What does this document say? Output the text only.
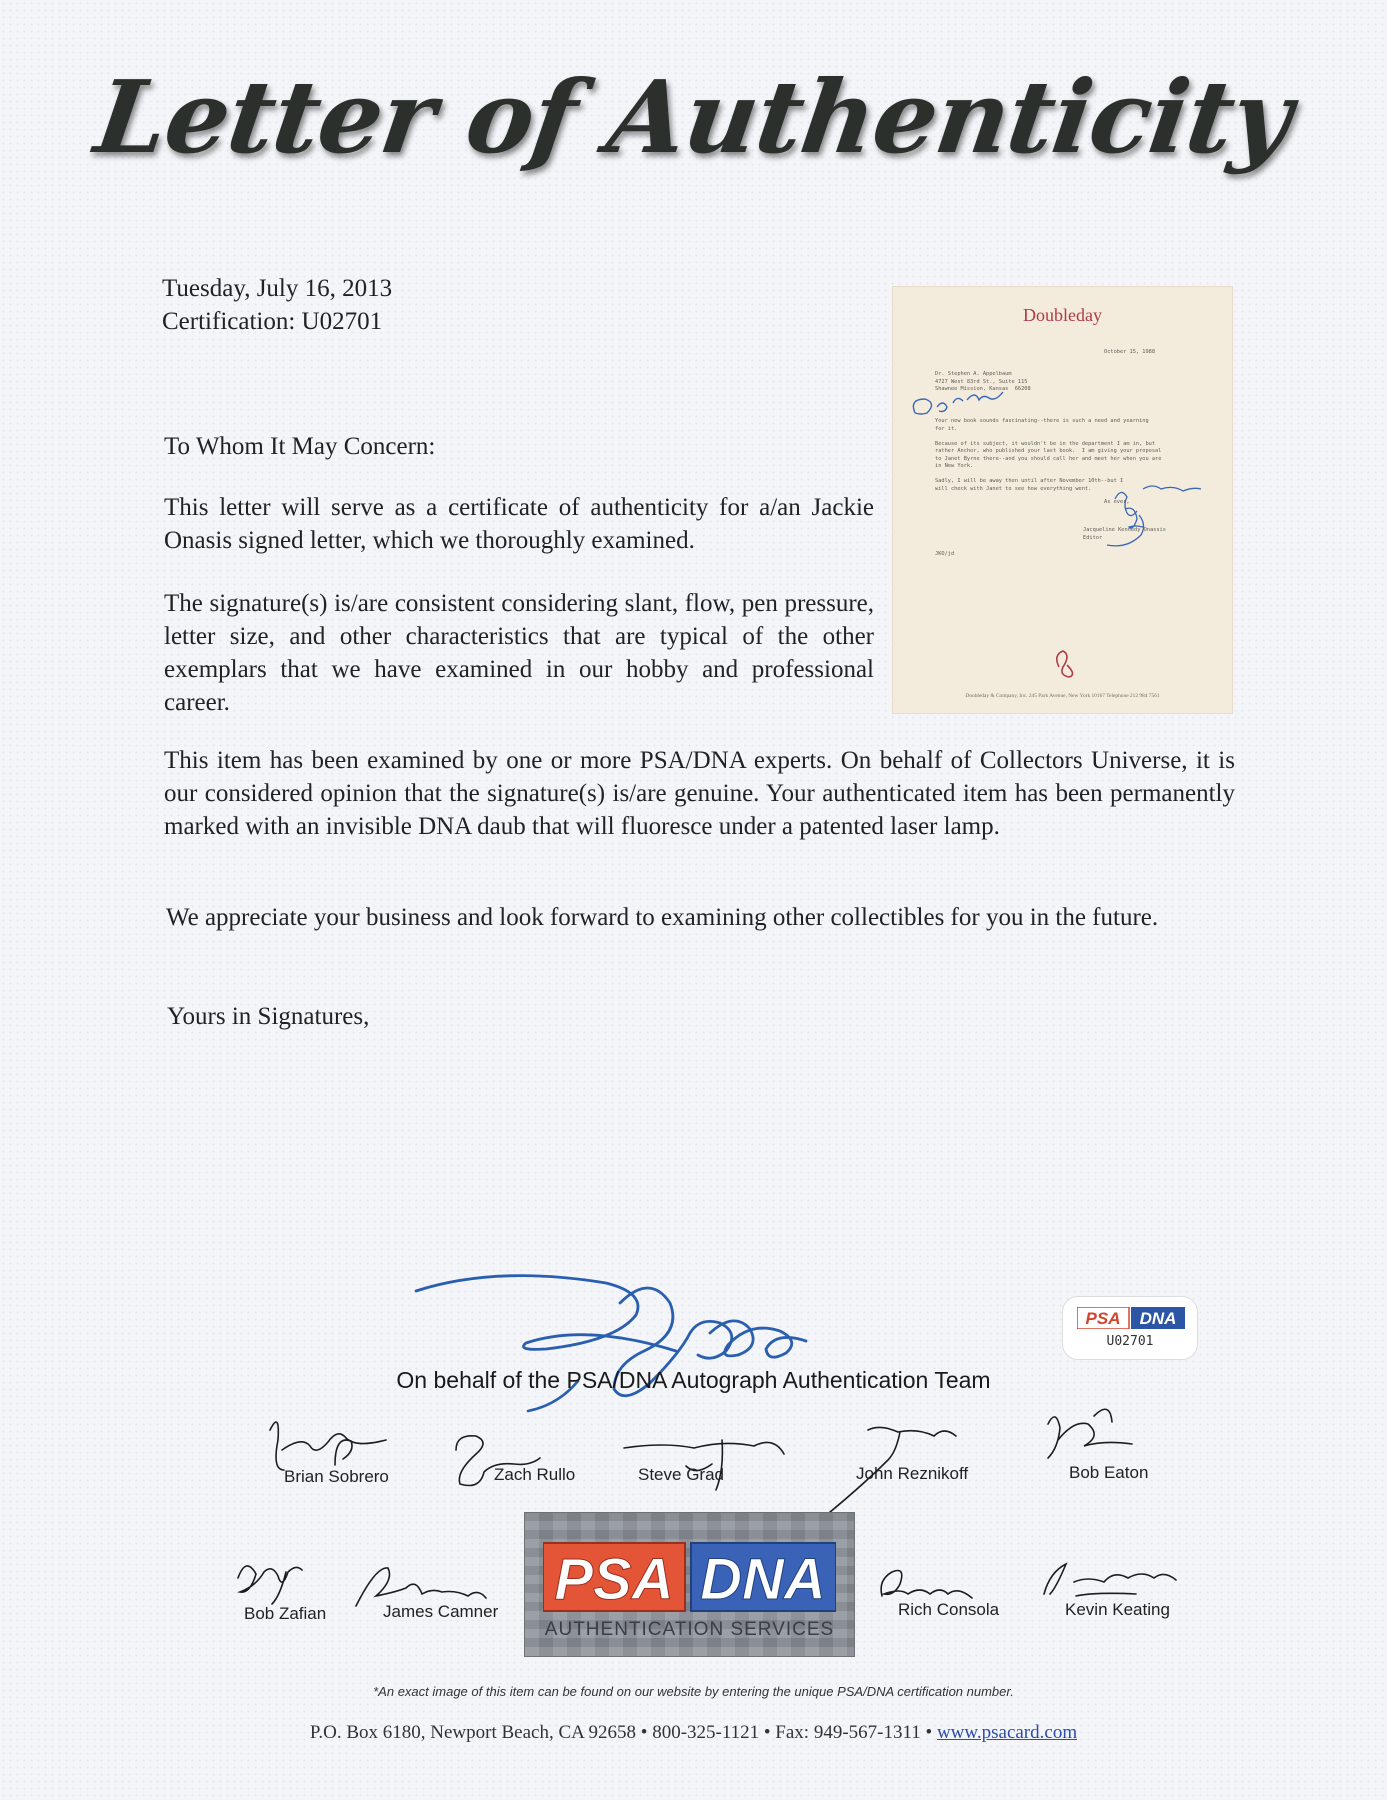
Letter of Authenticity
Tuesday, July 16, 2013
Certification: U02701
To Whom It May Concern:
This letter will serve as a certificate of authenticity for a/an Jackie Onasis signed letter, which we thoroughly examined.
The signature(s) is/are consistent considering slant, flow, pen pressure, letter size, and other characteristics that are typical of the other exemplars that we have examined in our hobby and professional career.
This item has been examined by one or more PSA/DNA experts. On behalf of Collectors Universe, it is our considered opinion that the signature(s) is/are genuine. Your authenticated item has been permanently marked with an invisible DNA daub that will fluoresce under a patented laser lamp.
We appreciate your business and look forward to examining other collectibles for you in the future.
Yours in Signatures,
Doubleday
October 15, 1988
Dr. Stephen A. Appelbaum
4727 West 83rd St., Suite 115
Shawnee Mission, Kansas  66208
Your new book sounds fascinating--there is such a need and yearning
for it.

Because of its subject, it wouldn't be in the department I am in, but
rather Anchor, who published your last book.  I am giving your proposal
to Janet Byrne there--and you should call her and meet her when you are
in New York.

Sadly, I will be away then until after November 10th--but I
will check with Janet to see how everything went.
As ever,
Jacqueline Kennedy Onassis
Editor
JKO/jd
Doubleday & Company, Inc. 245 Park Avenue, New York 10167 Telephone 212 984 7561
PSA DNA
U02701
On behalf of the PSA/DNA Autograph Authentication Team
Brian Sobrero	Zach Rullo	Steve Grad	John Reznikoff	Bob Eaton
Bob Zafian	James Camner	Rich Consola	Kevin Keating
PSA DNA
AUTHENTICATION SERVICES
*An exact image of this item can be found on our website by entering the unique PSA/DNA certification number.
P.O. Box 6180, Newport Beach, CA 92658 • 800-325-1121 • Fax: 949-567-1311 • www.psacard.com
